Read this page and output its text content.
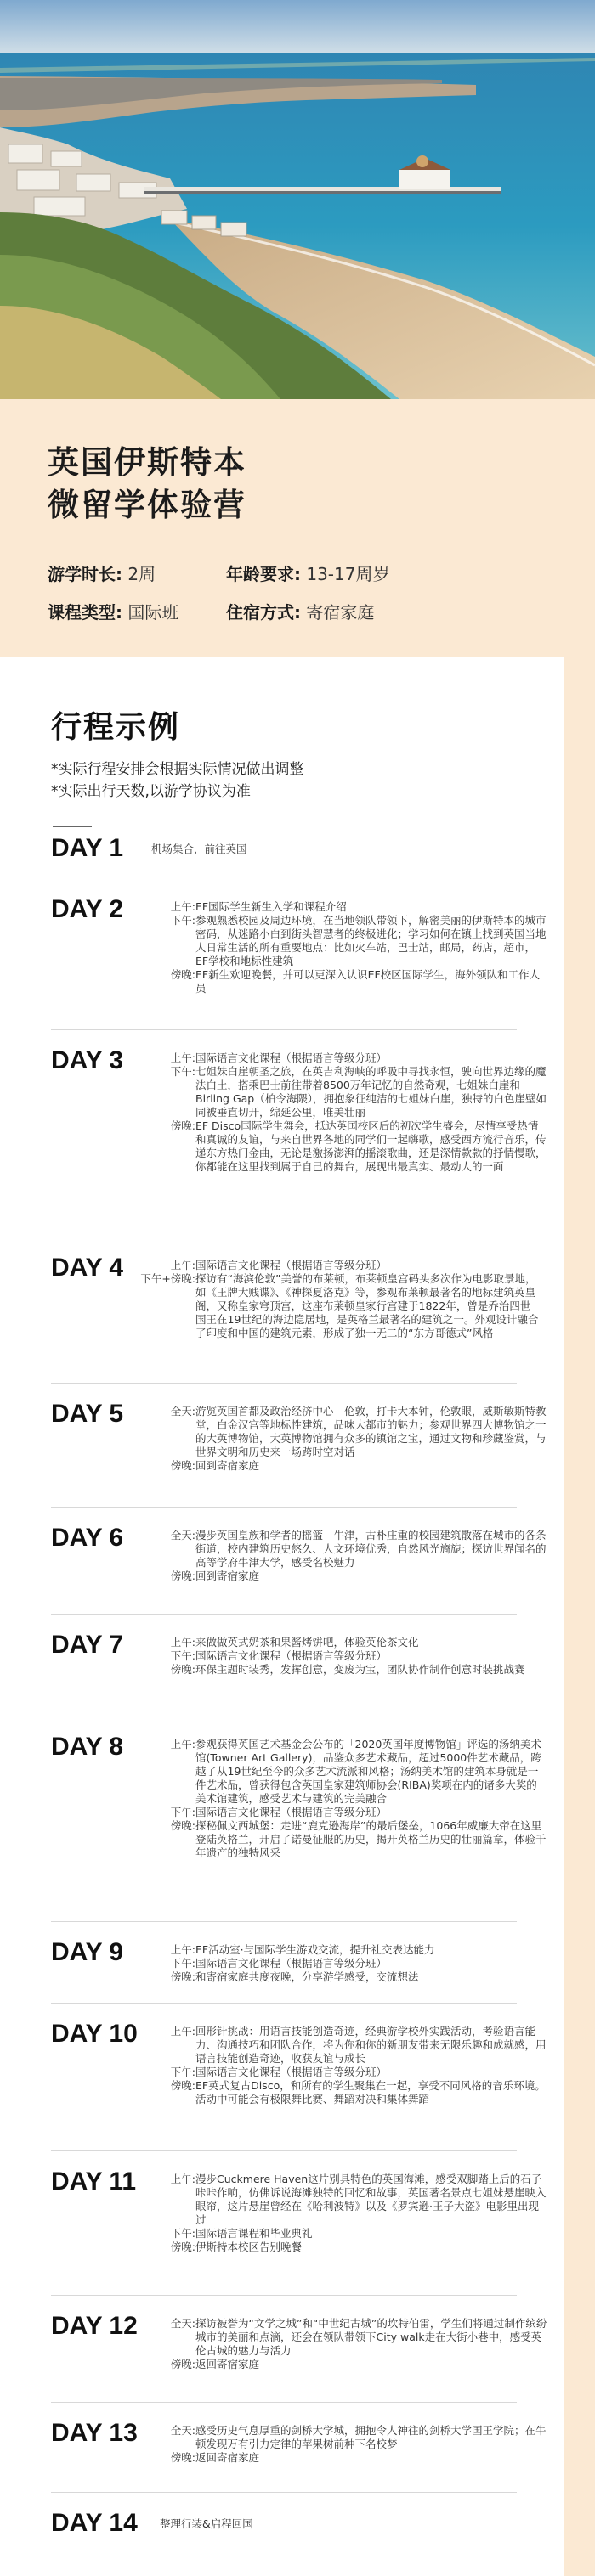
英国伊斯特本
微留学体验营
游学时长: 2周	年龄要求: 13-17周岁
课程类型: 国际班	住宿方式: 寄宿家庭
行程示例
*实际行程安排会根据实际情况做出调整
*实际出行天数,以游学协议为准
DAY 1	机场集合，前往英国
DAY 2	上午: EF国际学生新生入学和课程介绍
下午: 参观熟悉校园及周边环境，在当地领队带领下，解密美丽的伊斯特本的城市密码，从迷路小白到街头智慧者的终极进化；学习如何在镇上找到英国当地人日常生活的所有重要地点：比如火车站，巴士站，邮局，药店，超市，EF学校和地标性建筑
傍晚: EF新生欢迎晚餐，并可以更深入认识EF校区国际学生，海外领队和工作人员
DAY 3	上午: 国际语言文化课程（根据语言等级分班）
下午: 七姐妹白崖朝圣之旅，在英吉利海峡的呼吸中寻找永恒，驶向世界边缘的魔法白土，搭乘巴士前往带着8500万年记忆的自然奇观，七姐妹白崖和Birling Gap（柏令海隈），拥抱象征纯洁的七姐妹白崖，独特的白色崖壁如同被垂直切开，绵延公里，唯美壮丽
傍晚: EF Disco国际学生舞会，抵达英国校区后的初次学生盛会，尽情享受热情和真诚的友谊，与来自世界各地的同学们一起嗨歌，感受西方流行音乐，传递东方热门金曲，无论是激扬澎湃的摇滚歌曲，还是深情款款的抒情慢歌，你都能在这里找到属于自己的舞台，展现出最真实、最动人的一面
DAY 4	上午: 国际语言文化课程（根据语言等级分班）
下午+傍晚: 探访有“海滨伦敦”美誉的布莱顿，布莱顿皇宫码头多次作为电影取景地，如《王牌大贱谍》、《神探夏洛克》等，参观布莱顿最著名的地标建筑英皇阁，又称皇家穹顶宫，这座布莱顿皇家行宫建于1822年，曾是乔治四世国王在19世纪的海边隐居地，是英格兰最著名的建筑之一。外观设计融合了印度和中国的建筑元素，形成了独一无二的“东方哥德式”风格
DAY 5	全天: 游览英国首都及政治经济中心 - 伦敦，打卡大本钟，伦敦眼，威斯敏斯特教堂，白金汉宫等地标性建筑，品味大都市的魅力；参观世界四大博物馆之一的大英博物馆，大英博物馆拥有众多的镇馆之宝，通过文物和珍藏鉴赏，与世界文明和历史来一场跨时空对话
傍晚: 回到寄宿家庭
DAY 6	全天: 漫步英国皇族和学者的摇篮 - 牛津，古朴庄重的校园建筑散落在城市的各条街道，校内建筑历史悠久、人文环境优秀，自然风光旖旎；探访世界闻名的高等学府牛津大学，感受名校魅力
傍晚: 回到寄宿家庭
DAY 7	上午: 来做做英式奶茶和果酱烤饼吧，体验英伦茶文化
下午: 国际语言文化课程（根据语言等级分班）
傍晚: 环保主题时装秀，发挥创意，变废为宝，团队协作制作创意时装挑战赛
DAY 8	上午: 参观获得英国艺术基金会公布的「2020英国年度博物馆」评选的汤纳美术馆(Towner Art Gallery)，品鉴众多艺术藏品，超过5000件艺术藏品，跨越了从19世纪至今的众多艺术流派和风格；汤纳美术馆的建筑本身就是一件艺术品，曾获得包含英国皇家建筑师协会(RIBA)奖项在内的诸多大奖的美术馆建筑，感受艺术与建筑的完美融合
下午: 国际语言文化课程（根据语言等级分班）
傍晚: 探秘佩文西城堡：走进“鹿克逊海岸”的最后堡垒，1066年威廉大帝在这里登陆英格兰，开启了诺曼征服的历史，揭开英格兰历史的壮丽篇章，体验千年遗产的独特风采
DAY 9	上午: EF活动室·与国际学生游戏交流，提升社交表达能力
下午: 国际语言文化课程（根据语言等级分班）
傍晚: 和寄宿家庭共度夜晚，分享游学感受，交流想法
DAY 10	上午: 回形针挑战：用语言技能创造奇迹，经典游学校外实践活动，考验语言能力、沟通技巧和团队合作，将为你和你的新朋友带来无限乐趣和成就感，用语言技能创造奇迹，收获友谊与成长
下午: 国际语言文化课程（根据语言等级分班）
傍晚: EF英式复古Disco，和所有的学生聚集在一起，享受不同风格的音乐环境。活动中可能会有极限舞比赛、舞蹈对决和集体舞蹈
DAY 11	上午: 漫步Cuckmere Haven这片别具特色的英国海滩，感受双脚踏上后的石子咔咔作响，仿佛诉说海滩独特的回忆和故事，英国著名景点七姐妹悬崖映入眼帘，这片悬崖曾经在《哈利波特》以及《罗宾逊·王子大盗》电影里出现过
下午: 国际语言课程和毕业典礼
傍晚: 伊斯特本校区告别晚餐
DAY 12	全天: 探访被誉为“文学之城”和“中世纪古城”的坎特伯雷，学生们将通过制作缤纷城市的美丽和点滴，还会在领队带领下City walk走在大街小巷中，感受英伦古城的魅力与活力
傍晚: 返回寄宿家庭
DAY 13	全天: 感受历史气息厚重的剑桥大学城，拥抱令人神往的剑桥大学国王学院；在牛顿发现万有引力定律的苹果树前种下名校梦
傍晚: 返回寄宿家庭
DAY 14 整理行装&启程回国
